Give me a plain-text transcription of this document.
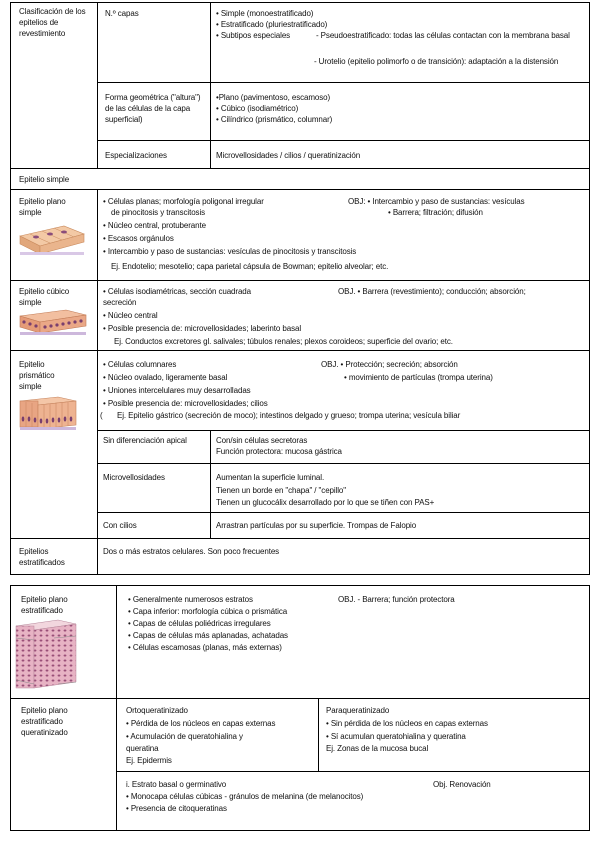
Clasificación de los epitelios de revestimiento
N.º capas	• Simple (monoestratificado)
• Estratificado (pluriestratificado)
• Subtipos especiales	- Pseudoestratificado: todas las células contactan con la membrana basal
- Urotelio (epitelio polimorfo o de transición): adaptación a la distensión
Forma geométrica ("altura") de las células de la capa superficial)
•Plano (pavimentoso, escamoso)
• Cúbico (isodiamétrico)
• Cilíndrico (prismático, columnar)
Especializaciones	Microvellosidades / cilios / queratinización
Epitelio simple
Epitelio plano simple
• Células planas; morfología poligonal irregular	OBJ: • Intercambio y paso de sustancias: vesículas
de pinocitosis y transcitosis	• Barrera; filtración; difusión
• Núcleo central, protuberante
• Escasos orgánulos
• Intercambio y paso de sustancias: vesículas de pinocitosis y transcitosis
Ej. Endotelio; mesotelio; capa parietal cápsula de Bowman; epitelio alveolar; etc.
Epitelio cúbico simple
• Células isodiamétricas, sección cuadrada	OBJ. • Barrera (revestimiento); conducción; absorción;
secreción
• Núcleo central
• Posible presencia de: microvellosidades; laberinto basal
Ej. Conductos excretores gl. salivales; túbulos renales; plexos coroideos; superficie del ovario; etc.
Epitelio prismático simple
• Células columnares	OBJ. • Protección; secreción; absorción
• Núcleo ovalado, ligeramente basal	• movimiento de partículas (trompa uterina)
• Uniones intercelulares muy desarrolladas
• Posible presencia de: microvellosidades; cilios
( Ej. Epitelio gástrico (secreción de moco); intestinos delgado y grueso; trompa uterina; vesícula biliar
Sin diferenciación apical	Con/sin células secretoras
Función protectora: mucosa gástrica
Microvellosidades	Aumentan la superficie luminal.
Tienen un borde en "chapa" / "cepillo"
Tienen un glucocálix desarrollado por lo que se tiñen con PAS+
Con cilios	Arrastran partículas por su superficie. Trompas de Falopio
Epitelios estratificados
Dos o más estratos celulares. Son poco frecuentes
Epitelio plano estratificado
• Generalmente numerosos estratos	OBJ. - Barrera; función protectora
• Capa inferior: morfología cúbica o prismática
• Capas de células poliédricas irregulares
• Capas de células más aplanadas, achatadas
• Células escamosas (planas, más externas)
Epitelio plano estratificado queratinizado
Ortoqueratinizado
• Pérdida de los núcleos en capas externas
• Acumulación de queratohialina y
queratina
Ej. Epidermis
Paraqueratinizado
• Sin pérdida de los núcleos en capas externas
• Sí acumulan queratohialina y queratina
Ej. Zonas de la mucosa bucal
i. Estrato basal o germinativo	Obj. Renovación
• Monocapa células cúbicas - gránulos de melanina (de melanocitos)
• Presencia de citoqueratinas
